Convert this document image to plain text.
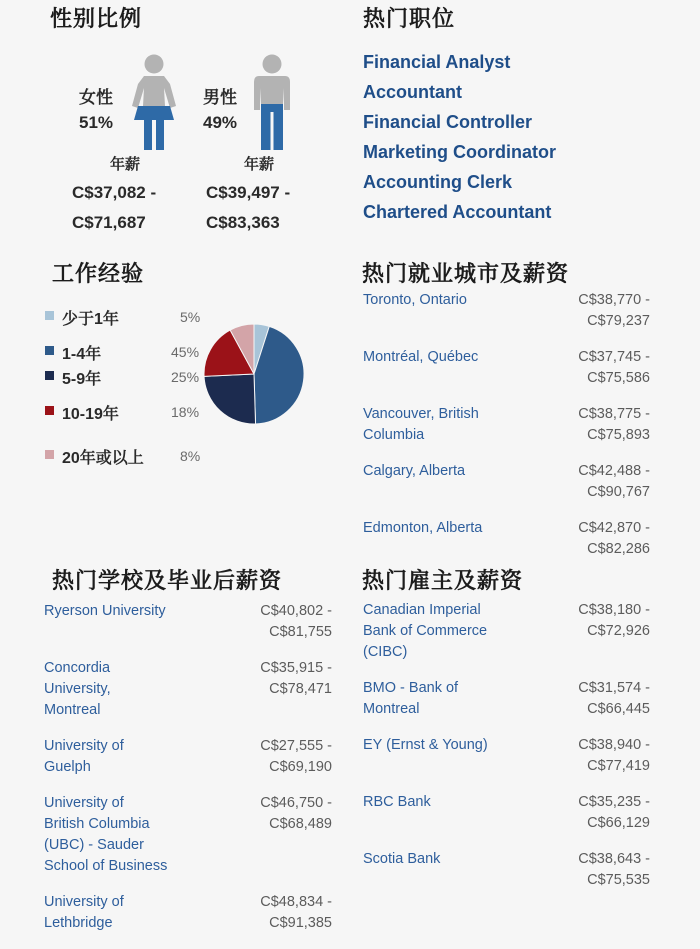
性别比例
女性
51%
男性
49%
年薪
C$37,082 -
C$71,687
年薪
C$39,497 -
C$83,363
热门职位
Financial Analyst
Accountant
Financial Controller
Marketing Coordinator
Accounting Clerk
Chartered Accountant
工作经验
少于1年	5%
1-4年	45%
5-9年	25%
10-19年	18%
20年或以上	8%
热门就业城市及薪资
Toronto, Ontario	C$38,770 -
C$79,237
Montréal, Québec	C$37,745 -
C$75,586
Vancouver, British
Columbia
C$38,775 -
C$75,893
Calgary, Alberta	C$42,488 -
C$90,767
Edmonton, Alberta	C$42,870 -
C$82,286
热门学校及毕业后薪资
Ryerson University	C$40,802 -
C$81,755
Concordia
University,
Montreal
C$35,915 -
C$78,471
University of
Guelph
C$27,555 -
C$69,190
University of
British Columbia
(UBC) - Sauder
School of Business
C$46,750 -
C$68,489
University of
Lethbridge
C$48,834 -
C$91,385
热门雇主及薪资
Canadian Imperial
Bank of Commerce
(CIBC)
C$38,180 -
C$72,926
BMO - Bank of
Montreal
C$31,574 -
C$66,445
EY (Ernst & Young)	C$38,940 -
C$77,419
RBC Bank	C$35,235 -
C$66,129
Scotia Bank	C$38,643 -
C$75,535
